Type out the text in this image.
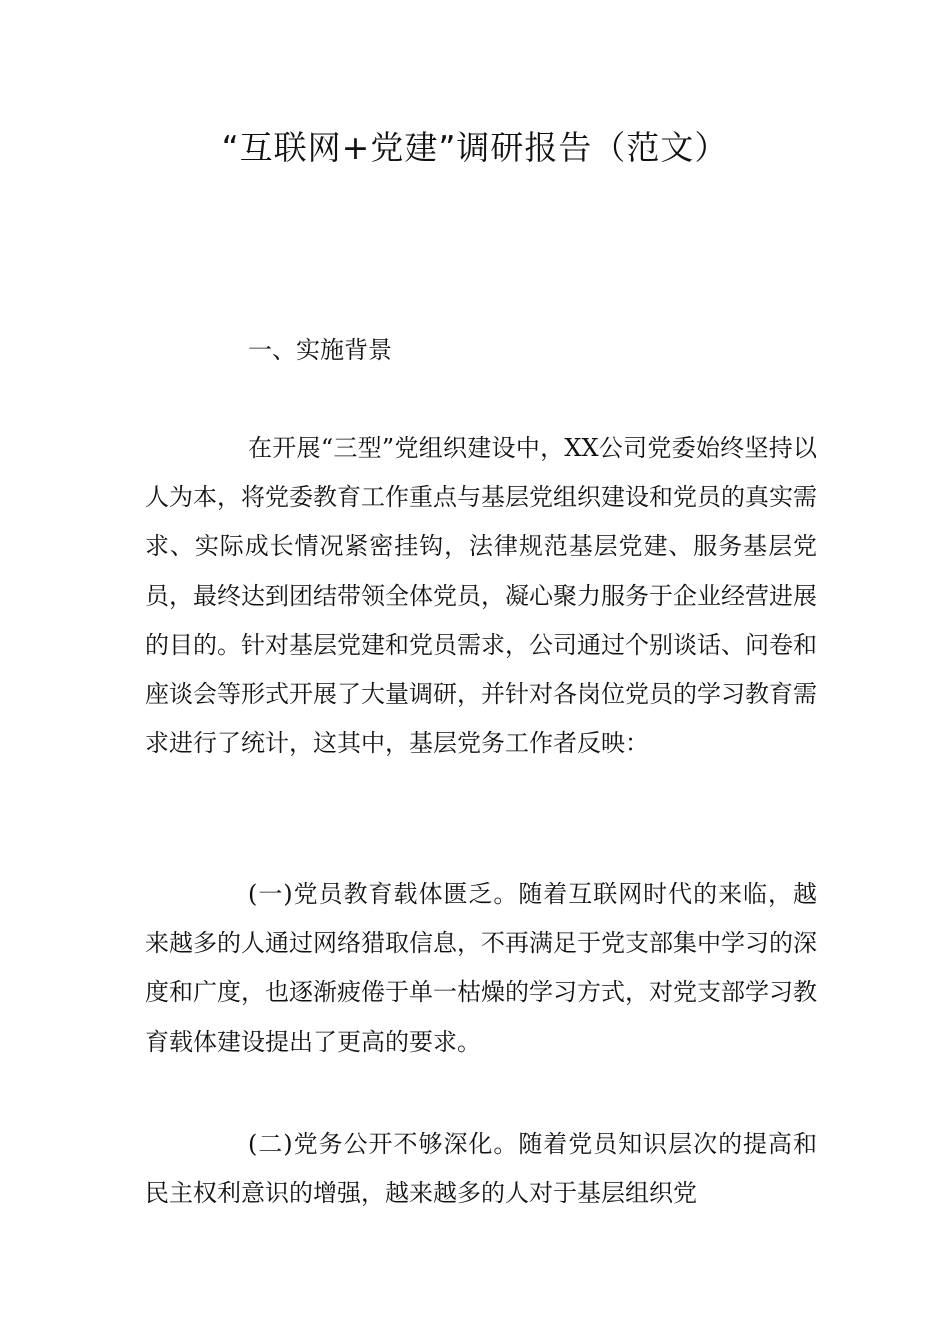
“互联网+党建”调研报告（范文）
一、实施背景

在开展“三型”党组织建设中，XX公司党委始终坚持以人为本，将党委教育工作重点与基层党组织建设和党员的真实需求、实际成长情况紧密挂钩，法律规范基层党建、服务基层党员，最终达到团结带领全体党员，凝心聚力服务于企业经营进展的目的。针对基层党建和党员需求，公司通过个别谈话、问卷和座谈会等形式开展了大量调研，并针对各岗位党员的学习教育需求进行了统计，这其中，基层党务工作者反映：

(一)党员教育载体匮乏。随着互联网时代的来临，越来越多的人通过网络猎取信息，不再满足于党支部集中学习的深度和广度，也逐渐疲倦于单一枯燥的学习方式，对党支部学习教育载体建设提出了更高的要求。

(二)党务公开不够深化。随着党员知识层次的提高和民主权利意识的增强，越来越多的人对于基层组织党
